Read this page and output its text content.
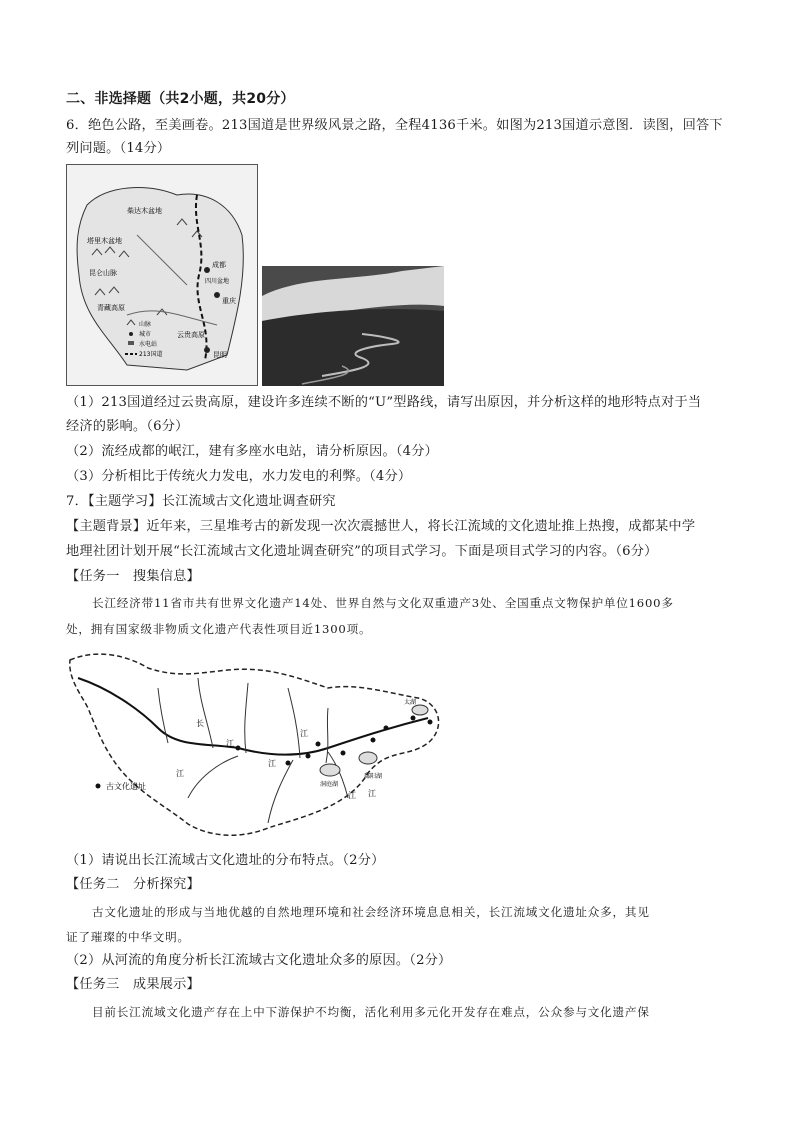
二、非选择题（共2小题，共20分）
6．绝色公路，至美画卷。213国道是世界级风景之路，全程4136千米。如图为213国道示意图．读图，回答下
列问题。（14分）
柴达木盆地
塔里木盆地
昆仑山脉
青藏高原
成都
四川盆地
重庆
云贵高原
昆明
山脉
城市
水电站
213国道
（1）213国道经过云贵高原，建设许多连续不断的“U”型路线，请写出原因，并分析这样的地形特点对于当
经济的影响。（6分）
（2）流经成都的岷江，建有多座水电站，请分析原因。（4分）
（3）分析相比于传统火力发电，水力发电的利弊。（4分）
7．【主题学习】长江流域古文化遗址调查研究
【主题背景】近年来，三星堆考古的新发现一次次震撼世人，将长江流域的文化遗址推上热搜，成都某中学
地理社团计划开展“长江流域古文化遗址调查研究”的项目式学习。下面是项目式学习的内容。（6分）
【任务一　搜集信息】
长江经济带11省市共有世界文化遗产14处、世界自然与文化双重遗产3处、全国重点文物保护单位1600多
处，拥有国家级非物质文化遗产代表性项目近1300项。
长
江
江
江
江
鄱阳湖
洞庭湖
太湖
江 江
古文化遗址
（1）请说出长江流域古文化遗址的分布特点。（2分）
【任务二　分析探究】
古文化遗址的形成与当地优越的自然地理环境和社会经济环境息息相关，长江流域文化遗址众多，其见
证了璀璨的中华文明。
（2）从河流的角度分析长江流域古文化遗址众多的原因。（2分）
【任务三　成果展示】
目前长江流域文化遗产存在上中下游保护不均衡，活化利用多元化开发存在难点，公众参与文化遗产保
